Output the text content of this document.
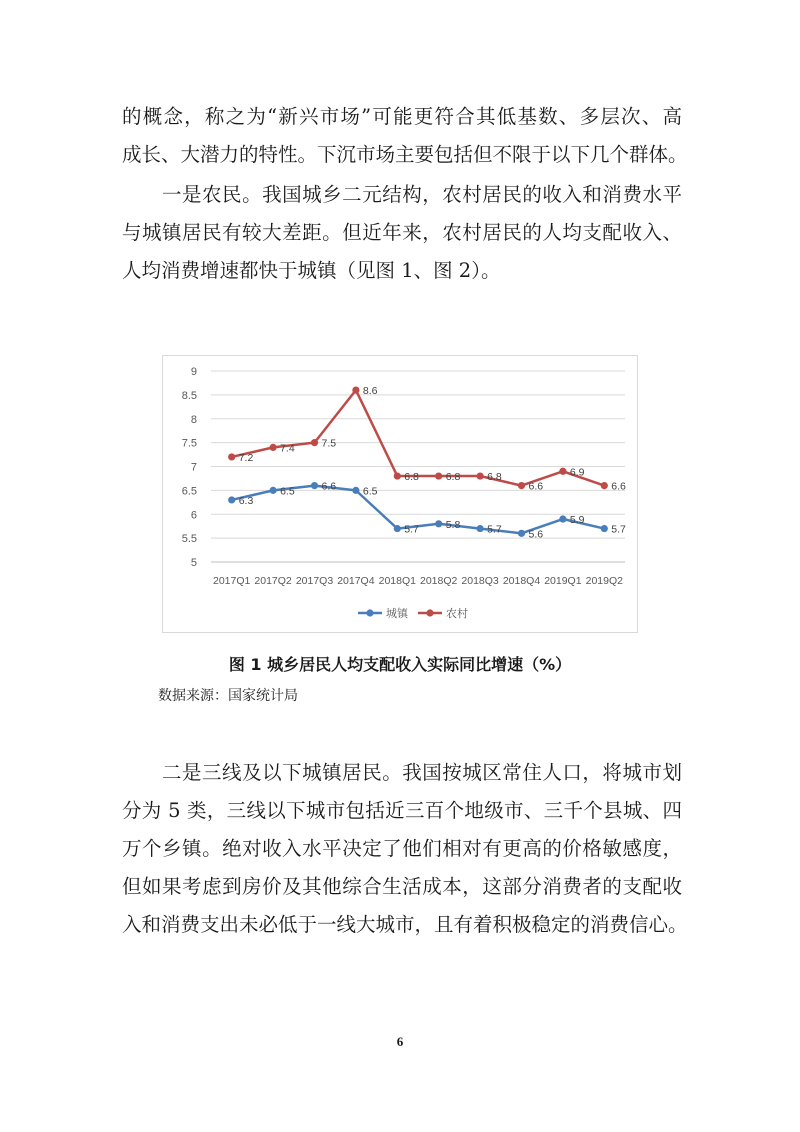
的概念，称之为“新兴市场”可能更符合其低基数、多层次、高
成长、大潜力的特性。下沉市场主要包括但不限于以下几个群体。
一是农民。我国城乡二元结构，农村居民的收入和消费水平
与城镇居民有较大差距。但近年来，农村居民的人均支配收入、
人均消费增速都快于城镇（见图 1、图 2）。
5
5.5
6
6.5
7
7.5
8
8.5
9
2017Q1 2017Q2 2017Q3 2017Q4 2018Q1 2018Q2 2018Q3 2018Q4 2019Q1 2019Q2
6.3
6.5	6.6	6.5
5.7	5.8	5.7	5.6
5.9
5.7
7.2
7.4	7.5
8.6
6.8	6.8	6.8
6.6
6.9
6.6
城镇	农村
图 1 城乡居民人均支配收入实际同比增速（%）
数据来源：国家统计局
二是三线及以下城镇居民。我国按城区常住人口，将城市划
分为 5 类，三线以下城市包括近三百个地级市、三千个县城、四
万个乡镇。绝对收入水平决定了他们相对有更高的价格敏感度，
但如果考虑到房价及其他综合生活成本，这部分消费者的支配收
入和消费支出未必低于一线大城市，且有着积极稳定的消费信心。
6
